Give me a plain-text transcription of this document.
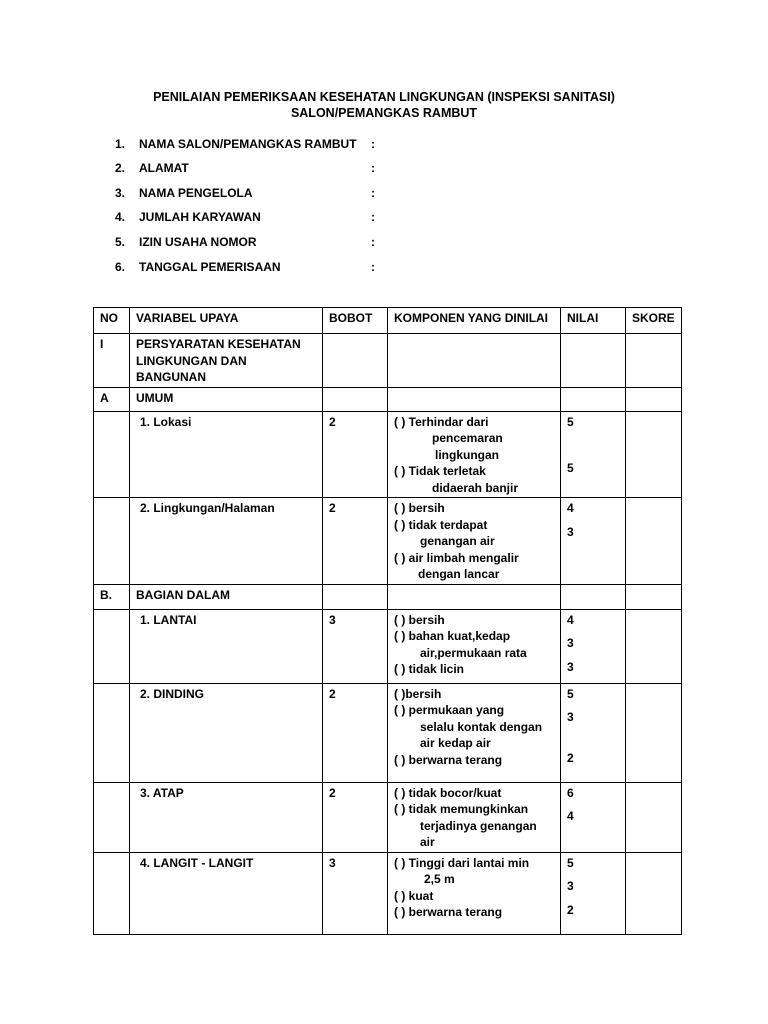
PENILAIAN PEMERIKSAAN KESEHATAN LINGKUNGAN (INSPEKSI SANITASI)
SALON/PEMANGKAS RAMBUT
1. NAMA SALON/PEMANGKAS RAMBUT :
2. ALAMAT	:
3. NAMA PENGELOLA	:
4. JUMLAH KARYAWAN	:
5. IZIN USAHA NOMOR	:
6. TANGGAL PEMERISAAN	:
NO	VARIABEL UPAYA	BOBOT	KOMPONEN YANG DINILAI	NILAI	SKORE
I	PERSYARATAN KESEHATAN
LINGKUNGAN DAN
BANGUNAN				

A	UMUM				
	1. Lokasi	2	( ) Terhindar dari
pencemaran
lingkungan
( ) Tidak terletak
didaerah banjir	5
5	

	2. Lingkungan/Halaman	2	( ) bersih
( ) tidak terdapat
genangan air
( ) air limbah mengalir
dengan lancar	4
3	

B.	BAGIAN DALAM				
	1. LANTAI	3	( ) bersih
( ) bahan kuat,kedap
air,permukaan rata
( ) tidak licin	4
3
3	

	2. DINDING	2	( )bersih
( ) permukaan yang
selalu kontak dengan
air kedap air
( ) berwarna terang	5
3
2	

	3. ATAP	2	( ) tidak bocor/kuat
( ) tidak memungkinkan
terjadinya genangan
air	6
4	

	4. LANGIT - LANGIT	3	( ) Tinggi dari lantai min
2,5 m
( ) kuat
( ) berwarna terang	5
3
2	
